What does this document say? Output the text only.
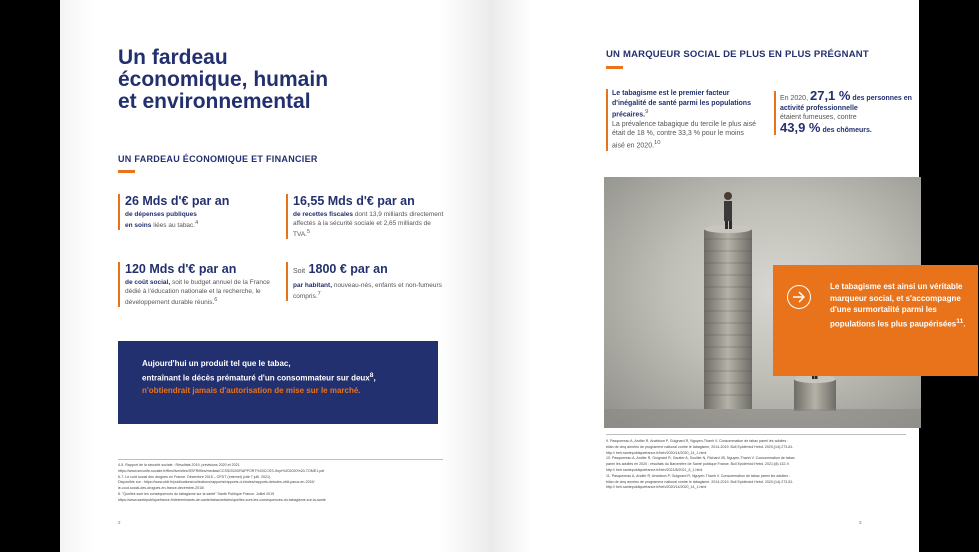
Un fardeau
économique, humain
et environnemental
UN FARDEAU ÉCONOMIQUE ET FINANCIER
26 Mds d'€ par an
de dépenses publiques
en soins liées au tabac.$^4$
16,55 Mds d'€ par an
de recettes fiscales dont 13,9 milliards directement affectés à la sécurité sociale et 2,65 milliards de TVA.$^5$
120 Mds d'€ par an
de coût social, soit le budget annuel de la France dédié à l'éducation nationale et la recherche, le développement durable réunis.$^6$
Soit 1800 € par an
par habitant, nouveau-nés, enfants et non-fumeurs compris.$^7$
Aujourd'hui un produit tel que le tabac,
entraînant le décès prématuré d'un consommateur sur deux$^8$,
n'obtiendrait jamais d'autorisation de mise sur le marché.
4-5. Rapport de la sécurité sociale : Résultats 2019, prévisions 2020 et 2021
https://www.securite-sociale.fr/files/live/sites/SSFR/files/medias/CCSS/2020/RAPPORT%20CCSS-Sept%202020%20-TOME1.pdf
6-7. Le coût social des drogues en France. Décembre 2015 – OFDT (Internet) (cité 7 juill. 2021).
Disponible sur : https://www.ofdt.fr/publications/collections/rapports/rapports-d-etudes/rapports-detudes-ofdt-parus-en-2015/
le-cout-social-des-drogues-en-france-decembre-2015/
8. "Quelles sont les conséquences du tabagisme sur la santé" Santé Publique France. Juillet 2019
https://www.santepubliquefrance.fr/determinants-de-sante/tabac/articles/quelles-sont-les-consequences-du-tabagisme-sur-la-sante
2
UN MARQUEUR SOCIAL DE PLUS EN PLUS PRÉGNANT
Le tabagisme est le premier facteur d'inégalité de santé parmi les populations précaires.$^9$
La prévalence tabagique du tercile le plus aisé était de 18 %, contre 33,3 % pour le moins aisé en 2020.10
En 2020, 27,1 % des personnes en activité professionnelle
étaient fumeuses, contre
43,9 % des chômeurs.
Le tabagisme est ainsi un véritable marqueur social, et s'accompagne d'une surmortalité parmi les populations les plus paupérisées$^{11}$.
9. Pasquereau A, Andler R, Arwidson P, Guignard R, Nguyen-Thanh V. Consommation de tabac parmi les adultes :
bilan de cinq années de programme national contre le tabagisme, 2014-2019. Bull Epidémiol Hebd. 2020;(14):273-81.
http:// beh.santepubliquefrance.fr/beh/2020/14/2020_14_1.html
10. Pasquereau A, Andler R, Guignard R, Gautier A, Soullier N, Richard JB, Nguyen-Thanh V. Consommation de tabac
parmi les adultes en 2020 : résultats du Baromètre de Santé publique France. Bull Epidémiol Hebd. 2021;(8):132-9.
http:// beh.santepubliquefrance.fr/beh/2021/8/2021_8_1.html
11. Pasquereau A, Andler R, Arwidson P, Guignard R, Nguyen-Thanh V. Consommation de tabac parmi les adultes :
bilan de cinq années de programme national contre le tabagisme, 2014-2019. Bull Epidémiol Hebd. 2020;(14):273-81.
http:// beh.santepubliquefrance.fr/beh/2020/14/2020_14_1.html
3
